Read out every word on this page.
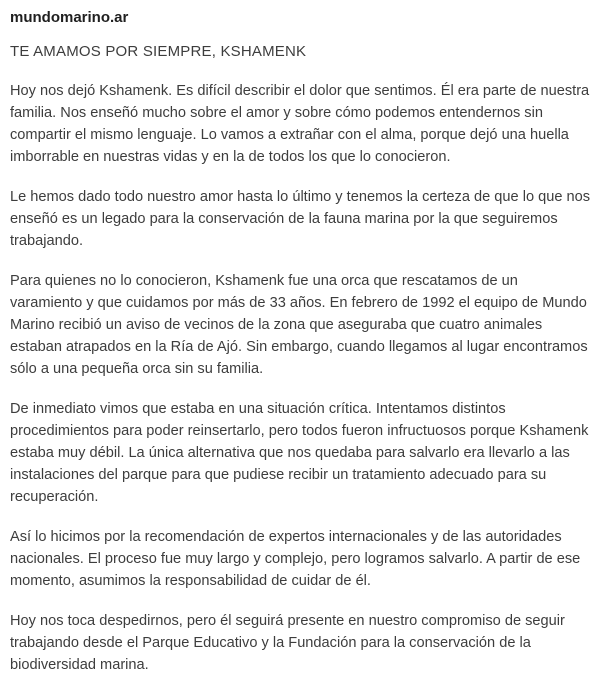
mundomarino.ar
TE AMAMOS POR SIEMPRE, KSHAMENK

Hoy nos dejó Kshamenk. Es difícil describir el dolor que sentimos. Él era parte de nuestra familia. Nos enseñó mucho sobre el amor y sobre cómo podemos entendernos sin compartir el mismo lenguaje. Lo vamos a extrañar con el alma, porque dejó una huella imborrable en nuestras vidas y en la de todos los que lo conocieron.

Le hemos dado todo nuestro amor hasta lo último y tenemos la certeza de que lo que nos enseñó es un legado para la conservación de la fauna marina por la que seguiremos trabajando.

Para quienes no lo conocieron, Kshamenk fue una orca que rescatamos de un varamiento y que cuidamos por más de 33 años. En febrero de 1992 el equipo de Mundo Marino recibió un aviso de vecinos de la zona que aseguraba que cuatro animales estaban atrapados en la Ría de Ajó. Sin embargo, cuando llegamos al lugar encontramos sólo a una pequeña orca sin su familia.

De inmediato vimos que estaba en una situación crítica. Intentamos distintos procedimientos para poder reinsertarlo, pero todos fueron infructuosos porque Kshamenk estaba muy débil. La única alternativa que nos quedaba para salvarlo era llevarlo a las instalaciones del parque para que pudiese recibir un tratamiento adecuado para su recuperación.

Así lo hicimos por la recomendación de expertos internacionales y de las autoridades nacionales. El proceso fue muy largo y complejo, pero logramos salvarlo. A partir de ese momento, asumimos la responsabilidad de cuidar de él.

Hoy nos toca despedirnos, pero él seguirá presente en nuestro compromiso de seguir trabajando desde el Parque Educativo y la Fundación para la conservación de la biodiversidad marina.
